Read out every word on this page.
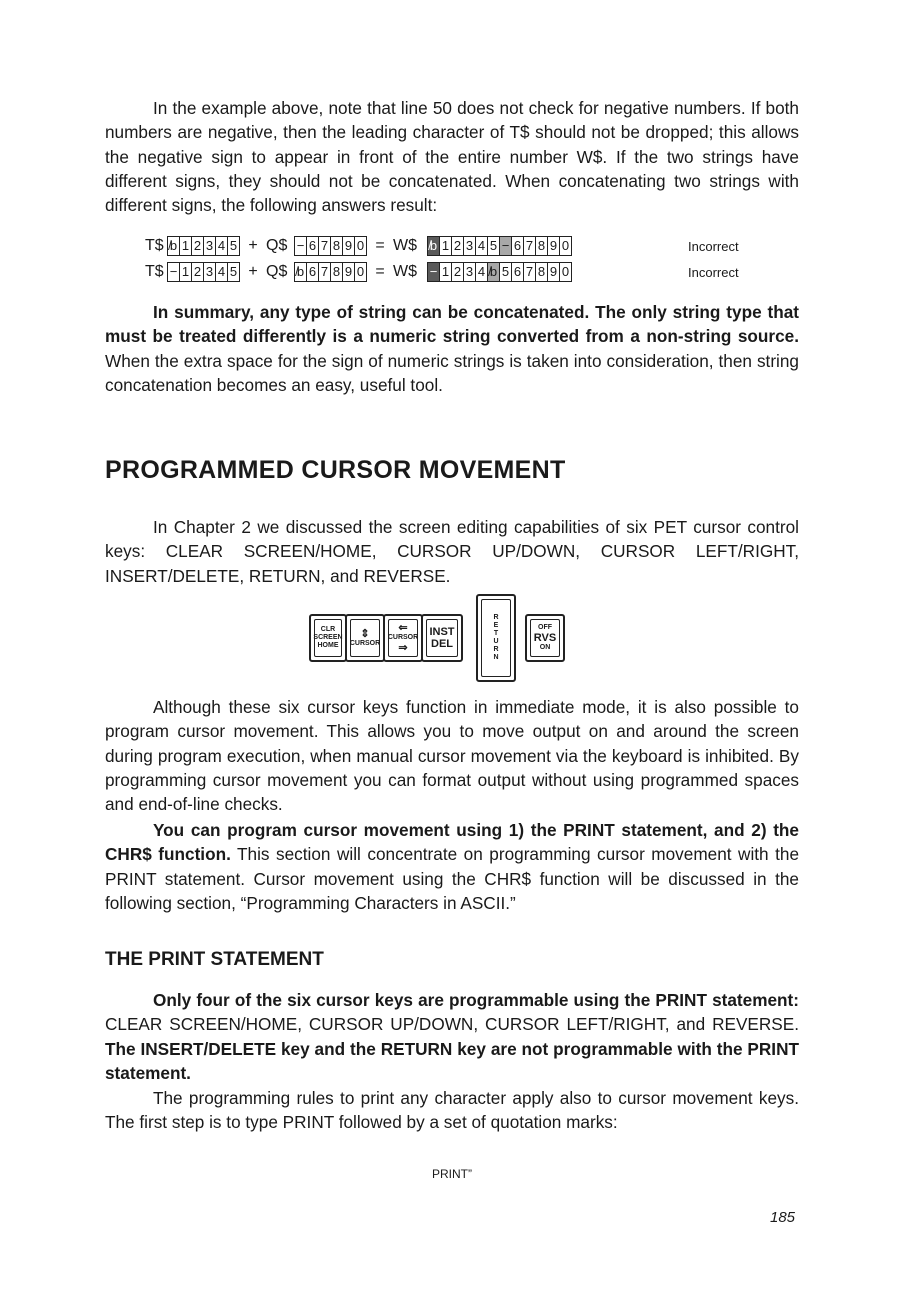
In the example above, note that line 50 does not check for negative numbers. If both numbers are negative, then the leading character of T$ should not be dropped; this allows the negative sign to appear in front of the entire number W$. If the two strings have different signs, they should not be concatenated. When concatenating two strings with different signs, the following answers result:

T$ ̸b 1 2 3 4 5 + Q$ − 6 7 8 9 0 = W$ ̸b 1 2 3 4 5 − 6 7 8 9 0	Incorrect
T$ − 1 2 3 4 5 + Q$ ̸b 6 7 8 9 0 = W$ − 1 2 3 4 ̸b 5 6 7 8 9 0	Incorrect

In summary, any type of string can be concatenated. The only string type that must be treated differently is a numeric string converted from a non-string source. When the extra space for the sign of numeric strings is taken into consideration, then string concatenation becomes an easy, useful tool.

PROGRAMMED CURSOR MOVEMENT

In Chapter 2 we discussed the screen editing capabilities of six PET cursor control keys: CLEAR SCREEN/HOME, CURSOR UP/DOWN, CURSOR LEFT/RIGHT, INSERT/DELETE, RETURN, and REVERSE.

CLR
SCREEN
HOME
⇕
CURSOR
⇐
CURSOR
⇒
INST
DEL
R
E
T
U
R
N
OFF
RVS
ON

Although these six cursor keys function in immediate mode, it is also possible to program cursor movement. This allows you to move output on and around the screen during program execution, when manual cursor movement via the keyboard is inhibited. By programming cursor movement you can format output without using programmed spaces and end-of-line checks.

You can program cursor movement using 1) the PRINT statement, and 2) the CHR$ function. This section will concentrate on programming cursor movement with the PRINT statement. Cursor movement using the CHR$ function will be discussed in the following section, “Programming Characters in ASCII.”

THE PRINT STATEMENT

Only four of the six cursor keys are programmable using the PRINT statement: CLEAR SCREEN/HOME, CURSOR UP/DOWN, CURSOR LEFT/RIGHT, and REVERSE. The INSERT/DELETE key and the RETURN key are not programmable with the PRINT statement.

The programming rules to print any character apply also to cursor movement keys. The first step is to type PRINT followed by a set of quotation marks:

PRINT”
185
